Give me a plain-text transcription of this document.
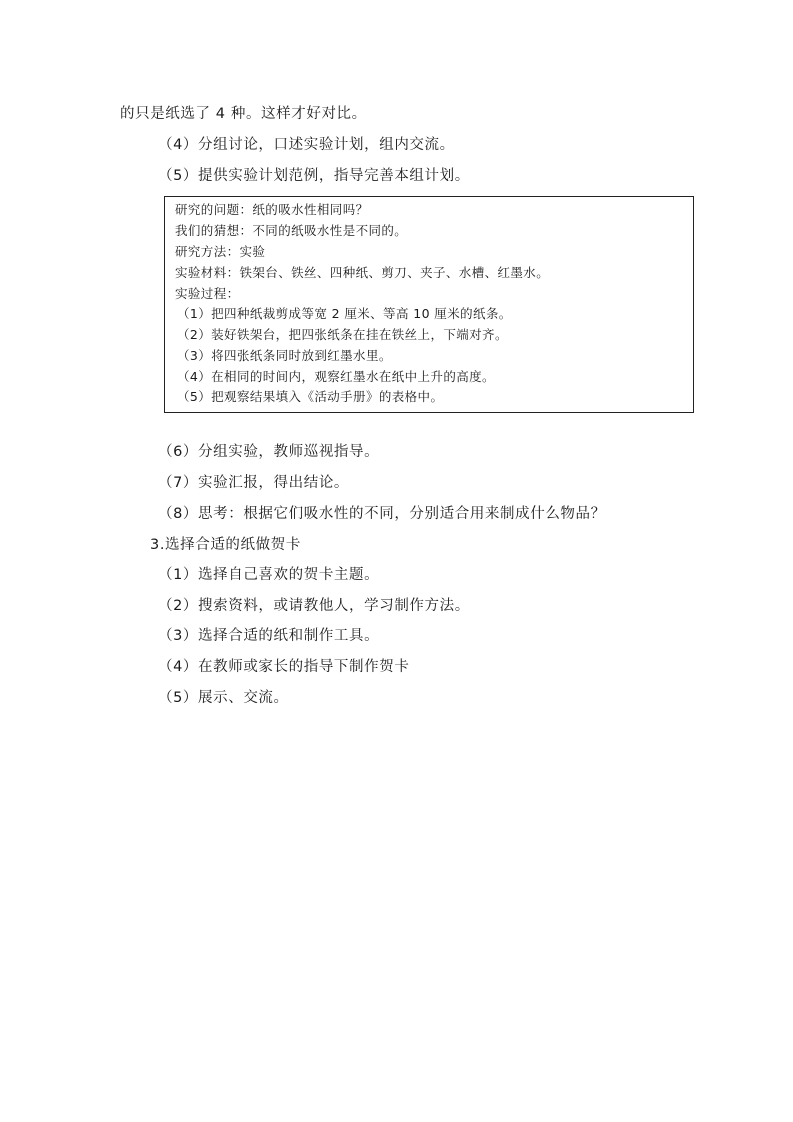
的只是纸选了 4 种。这样才好对比。
（4）分组讨论，口述实验计划，组内交流。
（5）提供实验计划范例，指导完善本组计划。
研究的问题：纸的吸水性相同吗？
我们的猜想：不同的纸吸水性是不同的。
研究方法：实验
实验材料：铁架台、铁丝、四种纸、剪刀、夹子、水槽、红墨水。
实验过程：
（1）把四种纸裁剪成等宽 2 厘米、等高 10 厘米的纸条。
（2）装好铁架台，把四张纸条在挂在铁丝上，下端对齐。
（3）将四张纸条同时放到红墨水里。
（4）在相同的时间内，观察红墨水在纸中上升的高度。
（5）把观察结果填入《活动手册》的表格中。
（6）分组实验，教师巡视指导。
（7）实验汇报，得出结论。
（8）思考：根据它们吸水性的不同，分别适合用来制成什么物品？
3.选择合适的纸做贺卡
（1）选择自己喜欢的贺卡主题。
（2）搜索资料，或请教他人，学习制作方法。
（3）选择合适的纸和制作工具。
（4）在教师或家长的指导下制作贺卡
（5）展示、交流。
